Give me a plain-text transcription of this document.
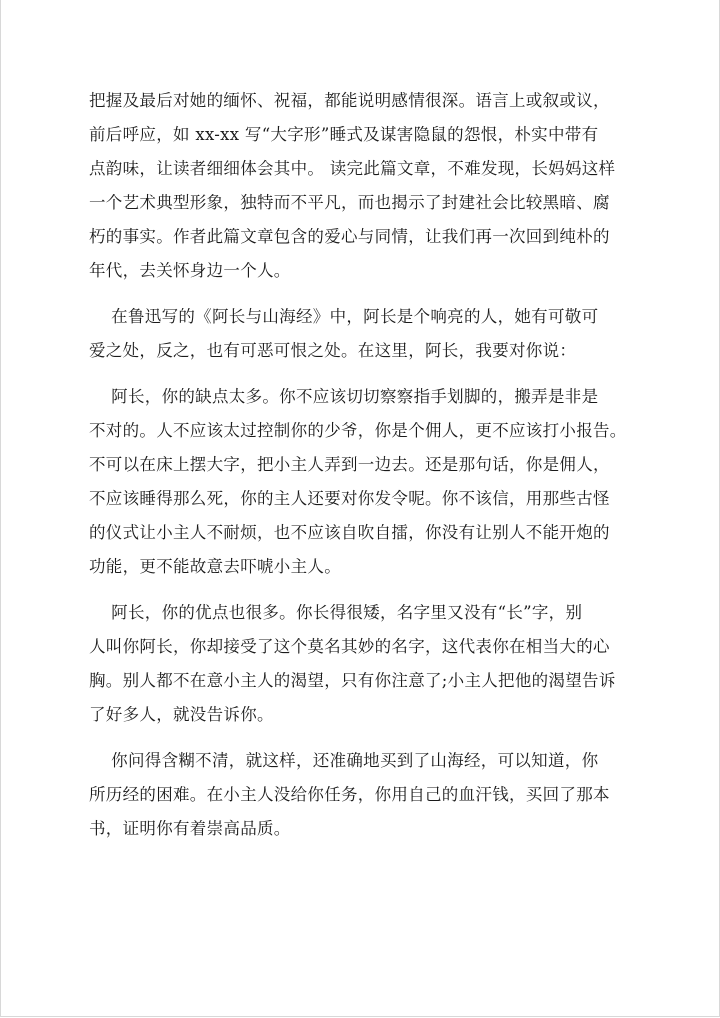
把握及最后对她的缅怀、祝福，都能说明感情很深。语言上或叙或议，
前后呼应，如 xx-xx 写“大字形”睡式及谋害隐鼠的怨恨，朴实中带有
点韵味，让读者细细体会其中。 读完此篇文章，不难发现，长妈妈这样
一个艺术典型形象，独特而不平凡，而也揭示了封建社会比较黑暗、腐
朽的事实。作者此篇文章包含的爱心与同情，让我们再一次回到纯朴的
年代，去关怀身边一个人。
在鲁迅写的《阿长与山海经》中，阿长是个响亮的人，她有可敬可
爱之处，反之，也有可恶可恨之处。在这里，阿长，我要对你说：
阿长，你的缺点太多。你不应该切切察察指手划脚的，搬弄是非是
不对的。人不应该太过控制你的少爷，你是个佣人，更不应该打小报告。
不可以在床上摆大字，把小主人弄到一边去。还是那句话，你是佣人，
不应该睡得那么死，你的主人还要对你发令呢。你不该信，用那些古怪
的仪式让小主人不耐烦，也不应该自吹自擂，你没有让别人不能开炮的
功能，更不能故意去吓唬小主人。
阿长，你的优点也很多。你长得很矮，名字里又没有“长”字，别
人叫你阿长，你却接受了这个莫名其妙的名字，这代表你在相当大的心
胸。别人都不在意小主人的渴望，只有你注意了;小主人把他的渴望告诉
了好多人，就没告诉你。
你问得含糊不清，就这样，还准确地买到了山海经，可以知道，你
所历经的困难。在小主人没给你任务，你用自己的血汗钱，买回了那本
书，证明你有着崇高品质。
